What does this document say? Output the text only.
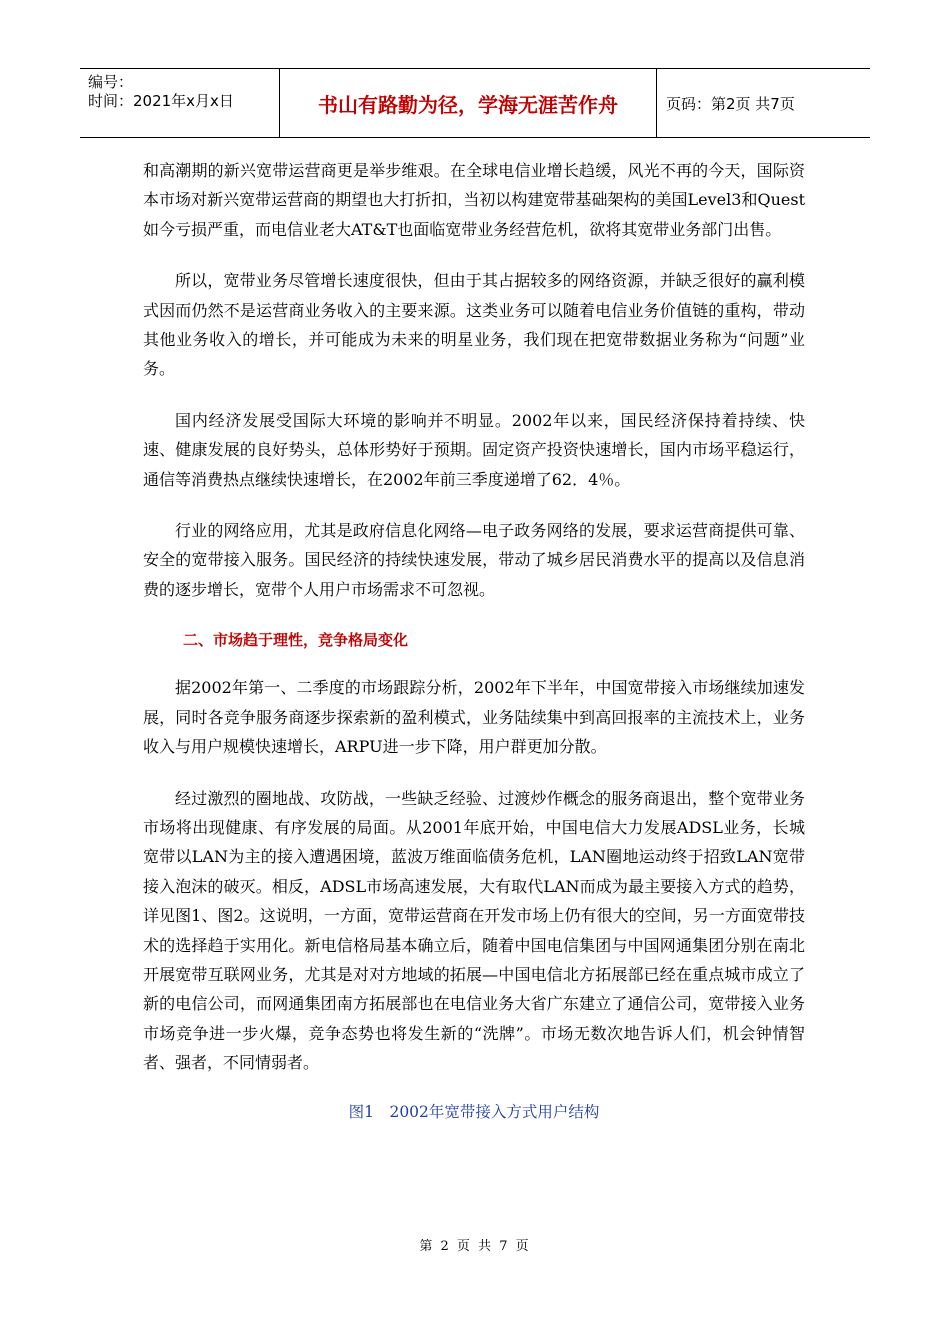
编号：
时间：2021年x月x日	书山有路勤为径，学海无涯苦作舟	页码：第2页 共7页

和高潮期的新兴宽带运营商更是举步维艰。在全球电信业增长趋缓，风光不再的今天，国际资本市场对新兴宽带运营商的期望也大打折扣，当初以构建宽带基础架构的美国Level3和Quest如今亏损严重，而电信业老大AT&T也面临宽带业务经营危机，欲将其宽带业务部门出售。

所以，宽带业务尽管增长速度很快，但由于其占据较多的网络资源，并缺乏很好的赢利模式因而仍然不是运营商业务收入的主要来源。这类业务可以随着电信业务价值链的重构，带动其他业务收入的增长，并可能成为未来的明星业务，我们现在把宽带数据业务称为“问题”业务。

国内经济发展受国际大环境的影响并不明显。2002年以来，国民经济保持着持续、快速、健康发展的良好势头，总体形势好于预期。固定资产投资快速增长，国内市场平稳运行，通信等消费热点继续快速增长，在2002年前三季度递增了62．4％。

行业的网络应用，尤其是政府信息化网络—电子政务网络的发展，要求运营商提供可靠、安全的宽带接入服务。国民经济的持续快速发展，带动了城乡居民消费水平的提高以及信息消费的逐步增长，宽带个人用户市场需求不可忽视。

二、市场趋于理性，竞争格局变化

据2002年第一、二季度的市场跟踪分析，2002年下半年，中国宽带接入市场继续加速发展，同时各竞争服务商逐步探索新的盈利模式，业务陆续集中到高回报率的主流技术上，业务收入与用户规模快速增长，ARPU进一步下降，用户群更加分散。

经过激烈的圈地战、攻防战，一些缺乏经验、过渡炒作概念的服务商退出，整个宽带业务市场将出现健康、有序发展的局面。从2001年底开始，中国电信大力发展ADSL业务，长城宽带以LAN为主的接入遭遇困境，蓝波万维面临债务危机，LAN圈地运动终于招致LAN宽带接入泡沫的破灭。相反，ADSL市场高速发展，大有取代LAN而成为最主要接入方式的趋势，详见图1、图2。这说明，一方面，宽带运营商在开发市场上仍有很大的空间，另一方面宽带技术的选择趋于实用化。新电信格局基本确立后，随着中国电信集团与中国网通集团分别在南北开展宽带互联网业务，尤其是对对方地域的拓展—中国电信北方拓展部已经在重点城市成立了新的电信公司，而网通集团南方拓展部也在电信业务大省广东建立了通信公司，宽带接入业务市场竞争进一步火爆，竞争态势也将发生新的“洗牌”。市场无数次地告诉人们，机会钟情智者、强者，不同情弱者。

图1　2002年宽带接入方式用户结构
第 2 页 共 7 页
